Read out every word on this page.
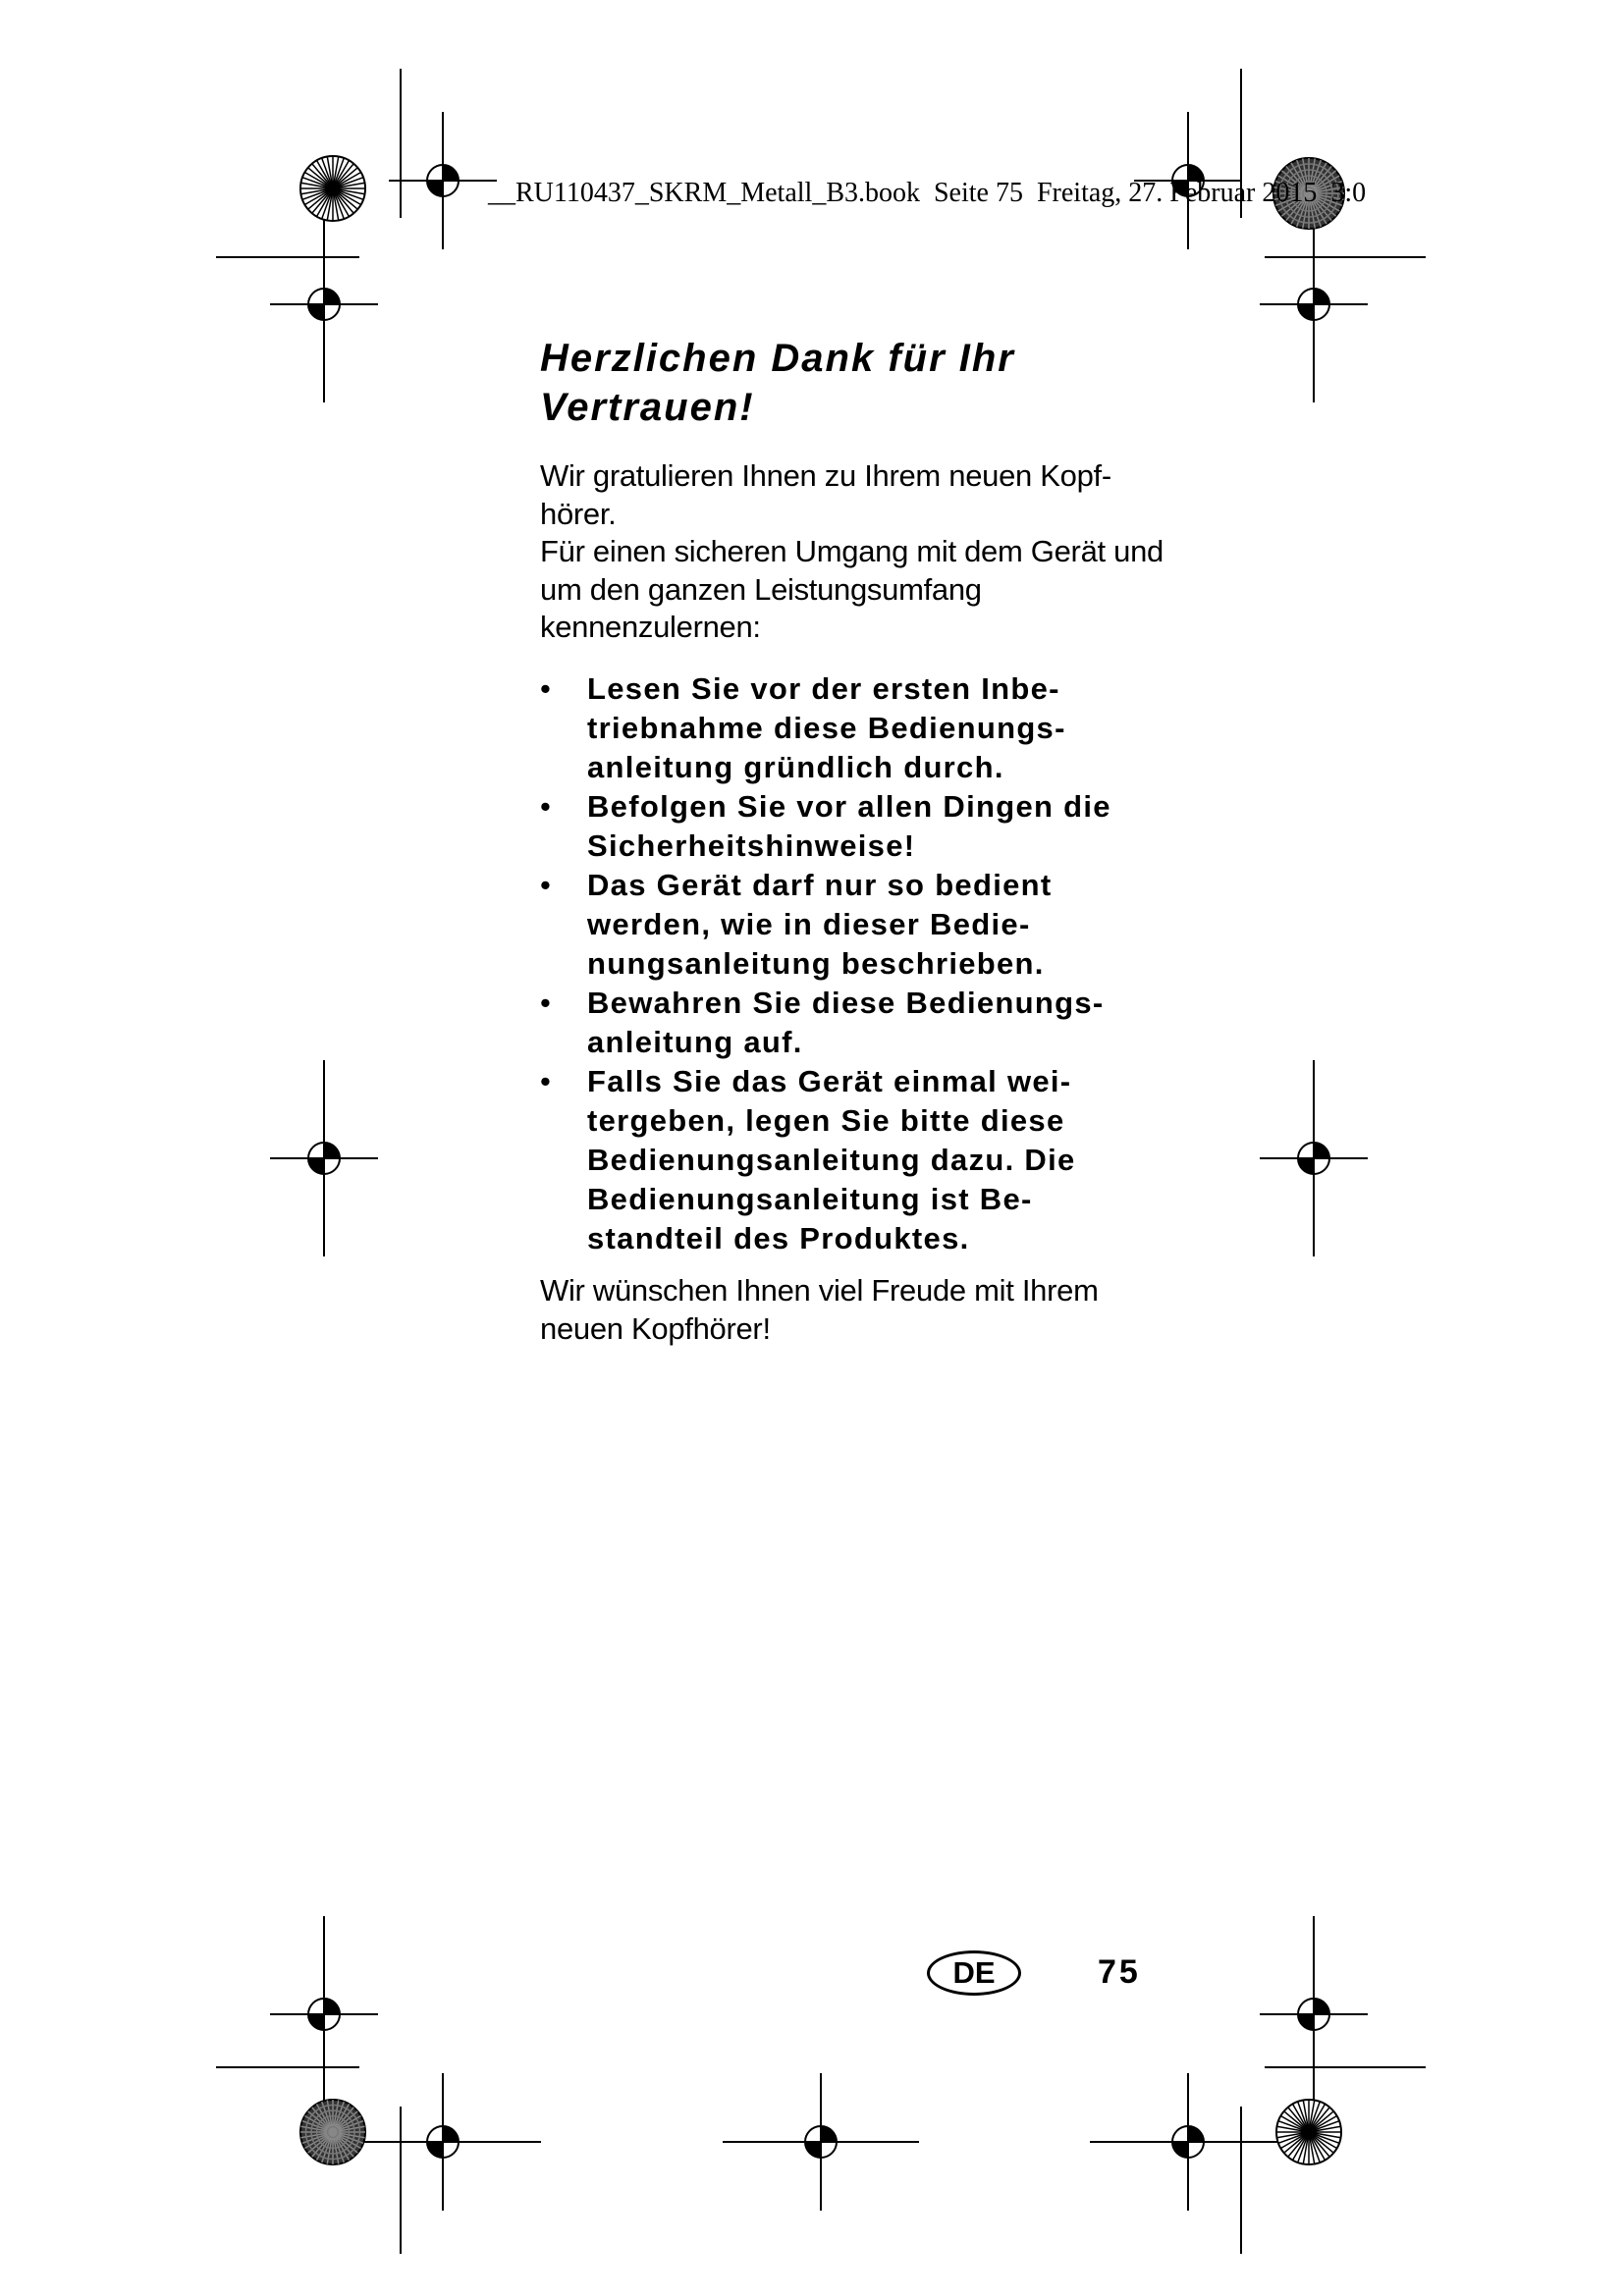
__RU110437_SKRM_Metall_B3.book  Seite 75  Freitag, 27. Februar 2015  3:0
Herzlichen Dank für Ihr Vertrauen!

Wir gratulieren Ihnen zu Ihrem neuen Kopf-hörer.
Für einen sicheren Umgang mit dem Gerät und um den ganzen Leistungsumfang kennenzulernen:

• Lesen Sie vor der ersten Inbe-triebnahme diese Bedienungs-anleitung gründlich durch.
• Befolgen Sie vor allen Dingen die Sicherheitshinweise!
• Das Gerät darf nur so bedient werden, wie in dieser Bedie-nungsanleitung beschrieben.
• Bewahren Sie diese Bedienungs-anleitung auf.
• Falls Sie das Gerät einmal wei-tergeben, legen Sie bitte diese Bedienungsanleitung dazu. Die Bedienungsanleitung ist Be-standteil des Produktes.

Wir wünschen Ihnen viel Freude mit Ihrem neuen Kopfhörer!

DE	75
